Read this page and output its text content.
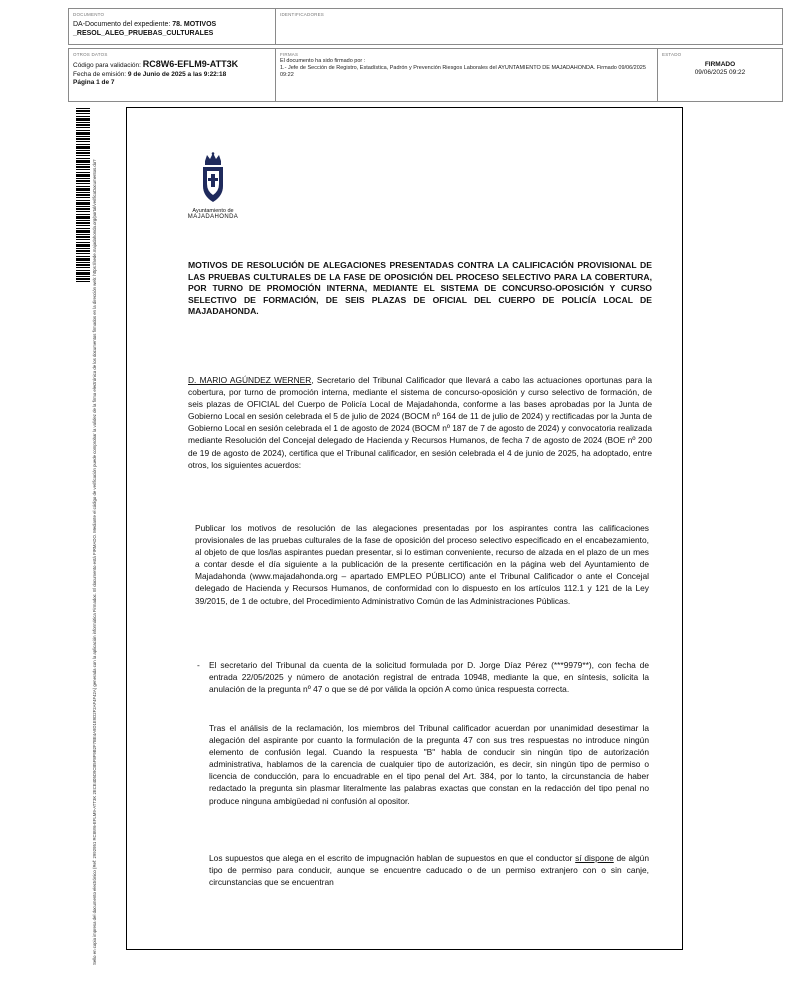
DOCUMENTO
DA-Documento del expediente: 78. MOTIVOS _RESOL_ALEG_PRUEBAS_CULTURALES
IDENTIFICADORES
OTROS DATOS
Código para validación: RC8W6-EFLM9-ATT3K
Fecha de emisión: 9 de Junio de 2025 a las 9:22:18
Página 1 de 7
FIRMAS
El documento ha sido firmado por :
1.- Jefe de Sección de Registro, Estadística, Padrón y Prevención Riesgos Laborales del AYUNTAMIENTO DE MAJADAHONDA. Firmado 09/06/2025 09:22
ESTADO
FIRMADO
09/06/2025 09:22
Sello en copia impresa del documento electrónico (Ref: 2992951 RC8W6-EFLM9-ATT3K 2ECE405D9CB5F8F9B2F7BE4A9D1E9D2F2AF4F42A) generada con la aplicación informática Firmadoc. El documento está FIRMADO. Mediante el código de verificación puede comprobar la validez de la firma electrónica de los documentos firmados en la dirección web: https://sede.majadahonda.org/portal/verificaDocumentos.do?	Ayuntamiento de
MAJADAHONDA
MOTIVOS DE RESOLUCIÓN DE ALEGACIONES PRESENTADAS CONTRA LA CALIFICACIÓN PROVISIONAL DE LAS PRUEBAS CULTURALES DE LA FASE DE OPOSICIÓN DEL PROCESO SELECTIVO PARA LA COBERTURA, POR TURNO DE PROMOCIÓN INTERNA, MEDIANTE EL SISTEMA DE CONCURSO-OPOSICIÓN Y CURSO SELECTIVO DE FORMACIÓN, DE SEIS PLAZAS DE OFICIAL DEL CUERPO DE POLICÍA LOCAL DE MAJADAHONDA.
D. MARIO AGÚNDEZ WERNER, Secretario del Tribunal Calificador que llevará a cabo las actuaciones oportunas para la cobertura, por turno de promoción interna, mediante el sistema de concurso-oposición y curso selectivo de formación, de seis plazas de OFICIAL del Cuerpo de Policía Local de Majadahonda, conforme a las bases aprobadas por la Junta de Gobierno Local en sesión celebrada el 5 de julio de 2024 (BOCM nº 164 de 11 de julio de 2024) y rectificadas por la Junta de Gobierno Local en sesión celebrada el 1 de agosto de 2024 (BOCM nº 187 de 7 de agosto de 2024) y convocatoria realizada mediante Resolución del Concejal delegado de Hacienda y Recursos Humanos, de fecha 7 de agosto de 2024 (BOE nº 200 de 19 de agosto de 2024), certifica que el Tribunal calificador, en sesión celebrada el 4 de junio de 2025, ha adoptado, entre otros, los siguientes acuerdos:
Publicar los motivos de resolución de las alegaciones presentadas por los aspirantes contra las calificaciones provisionales de las pruebas culturales de la fase de oposición del proceso selectivo especificado en el encabezamiento, al objeto de que los/las aspirantes puedan presentar, si lo estiman conveniente, recurso de alzada en el plazo de un mes a contar desde el día siguiente a la publicación de la presente certificación en la página web del Ayuntamiento de Majadahonda (www.majadahonda.org – apartado EMPLEO PÚBLICO) ante el Tribunal Calificador o ante el Concejal delegado de Hacienda y Recursos Humanos, de conformidad con lo dispuesto en los artículos 112.1 y 121 de la Ley 39/2015, de 1 de octubre, del Procedimiento Administrativo Común de las Administraciones Públicas.
- El secretario del Tribunal da cuenta de la solicitud formulada por D. Jorge Díaz Pérez (***9979**), con fecha de entrada 22/05/2025 y número de anotación registral de entrada 10948, mediante la que, en síntesis, solicita la anulación de la pregunta nº 47 o que se dé por válida la opción A como única respuesta correcta.
Tras el análisis de la reclamación, los miembros del Tribunal calificador acuerdan por unanimidad desestimar la alegación del aspirante por cuanto la formulación de la pregunta 47 con sus tres respuestas no introduce ningún elemento de confusión legal. Cuando la respuesta "B" habla de conducir sin ningún tipo de autorización administrativa, hablamos de la carencia de cualquier tipo de autorización, es decir, sin ningún tipo de permiso o licencia de conducción, para lo encuadrable en el tipo penal del Art. 384, por lo tanto, la circunstancia de haber redactado la pregunta sin plasmar literalmente las palabras exactas que constan en la redacción del tipo penal no produce ninguna ambigüedad ni confusión al opositor.
Los supuestos que alega en el escrito de impugnación hablan de supuestos en que el conductor sí dispone de algún tipo de permiso para conducir, aunque se encuentre caducado o de un permiso extranjero con o sin canje, circunstancias que se encuentran
